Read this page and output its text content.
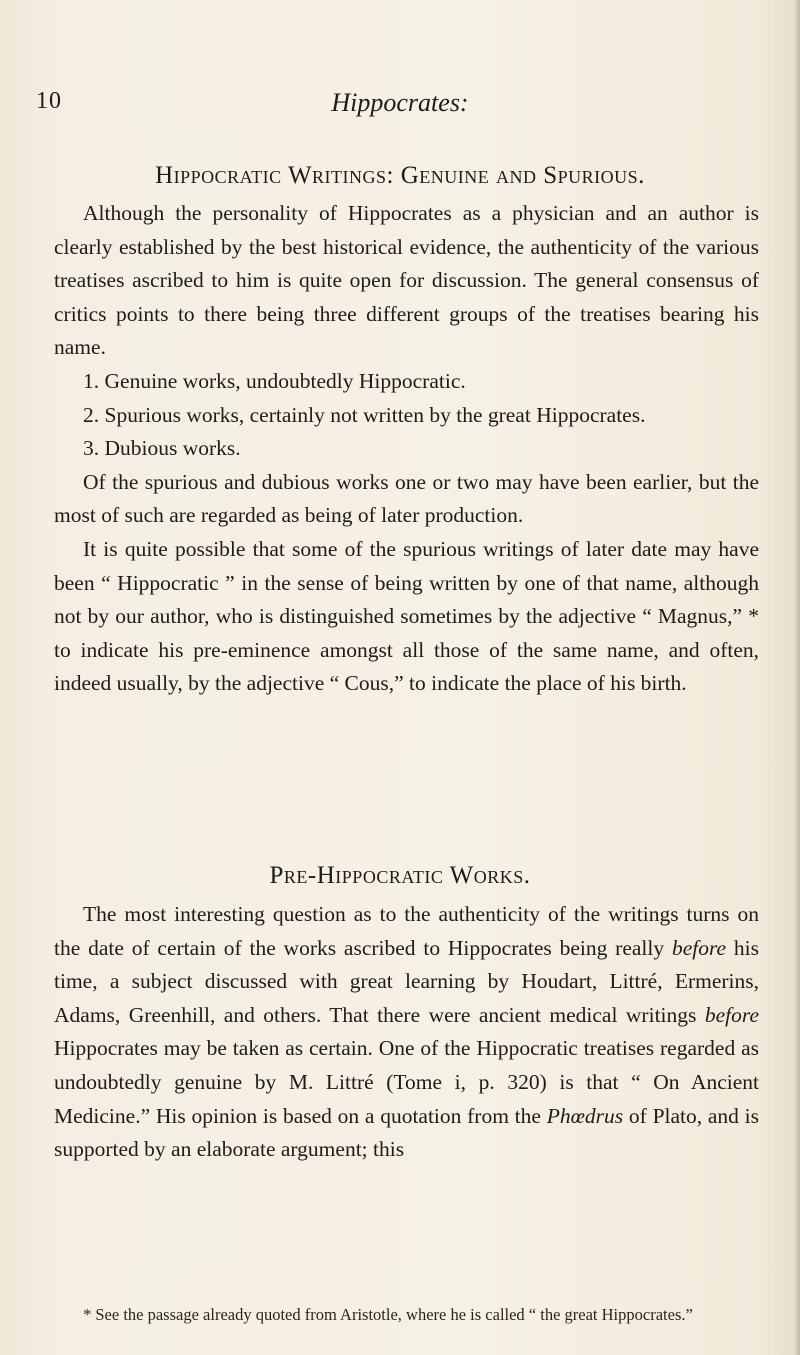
10	Hippocrates:
Hippocratic Writings: Genuine and Spurious.

Although the personality of Hippocrates as a physician and an author is clearly established by the best historical evidence, the authenticity of the various treatises ascribed to him is quite open for discussion. The general consensus of critics points to there being three different groups of the treatises bearing his name.

1. Genuine works, undoubtedly Hippocratic.

2. Spurious works, certainly not written by the great Hippocrates.

3. Dubious works.

Of the spurious and dubious works one or two may have been earlier, but the most of such are regarded as being of later production.

It is quite possible that some of the spurious writings of later date may have been “ Hippocratic ” in the sense of being written by one of that name, although not by our author, who is distinguished sometimes by the adjective “ Magnus,” * to indicate his pre-eminence amongst all those of the same name, and often, indeed usually, by the adjective “ Cous,” to indicate the place of his birth.

Pre-Hippocratic Works.

The most interesting question as to the authenticity of the writings turns on the date of certain of the works ascribed to Hippocrates being really before his time, a subject discussed with great learning by Houdart, Littré, Ermerins, Adams, Greenhill, and others. That there were ancient medical writings before Hippocrates may be taken as certain. One of the Hippocratic treatises regarded as undoubtedly genuine by M. Littré (Tome i, p. 320) is that “ On Ancient Medicine.” His opinion is based on a quotation from the Phœdrus of Plato, and is supported by an elaborate argument; this

* See the passage already quoted from Aristotle, where he is called “ the great Hippocrates.”
